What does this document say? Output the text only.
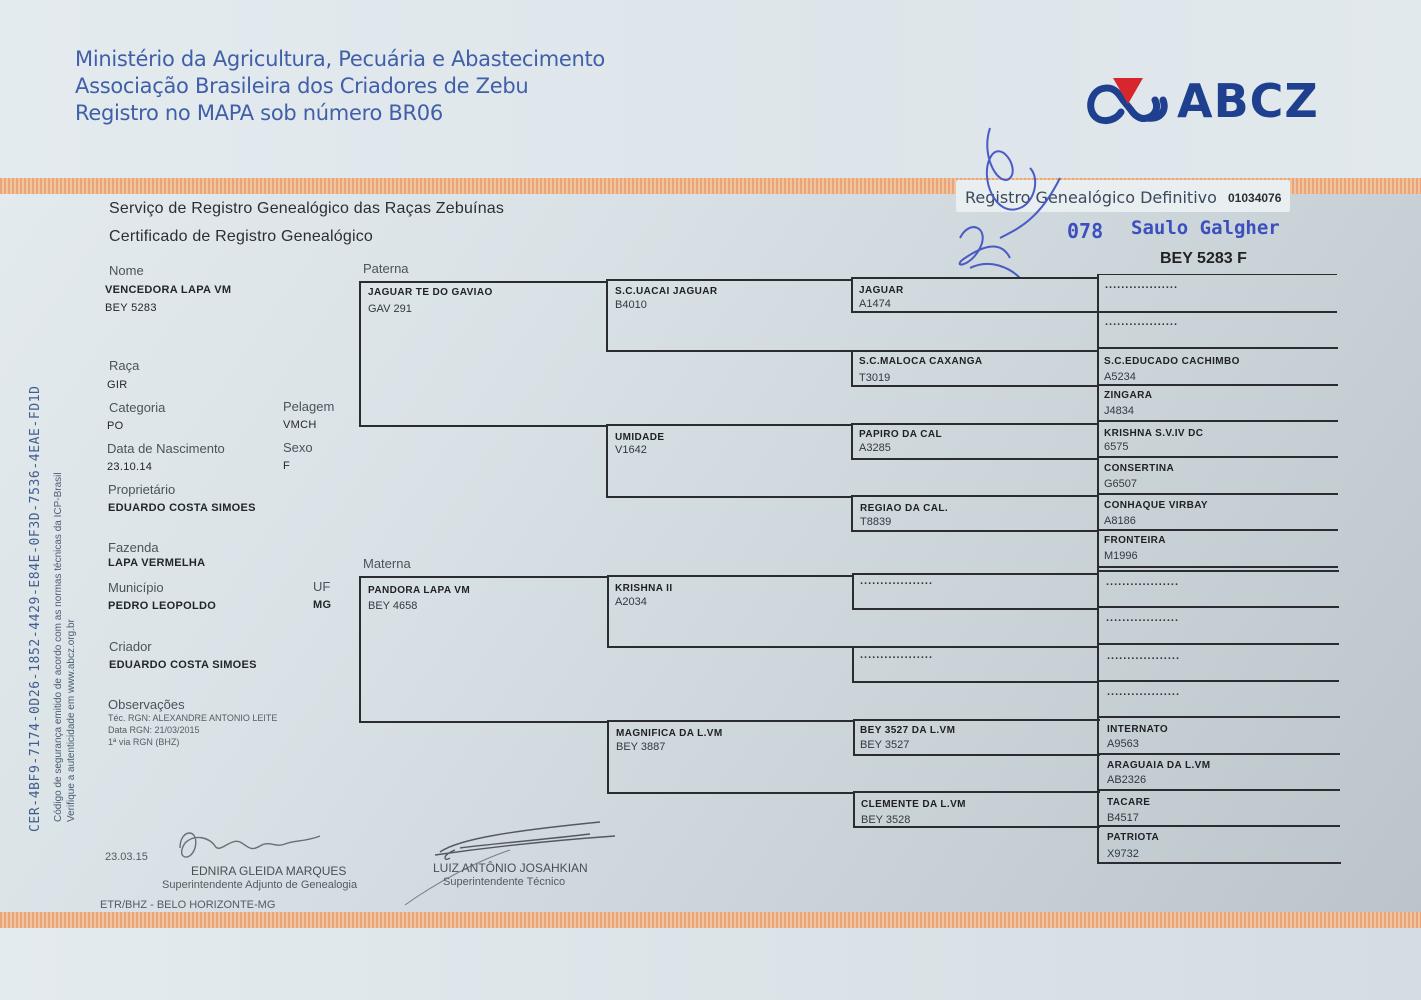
Ministério da Agricultura, Pecuária e Abastecimento
Associação Brasileira dos Criadores de Zebu
Registro no MAPA sob número BR06	ABCZ
Registro Genealógico Definitivo 01034076
078 Saulo Galgher
BEY 5283 F
Serviço de Registro Genealógico das Raças Zebuínas
Certificado de Registro Genealógico
CER-4BF9-7174-0D26-1852-4429-E84E-0F3D-7536-4EAE-FD1D Código de segurança emitido de acordo com as normas técnicas da ICP-Brasil Verifique a autenticidade em www.abcz.org.br
Nome
VENCEDORA LAPA VM
BEY 5283
Raça
GIR
Categoria
PO
Pelagem
VMCH
Data de Nascimento
23.10.14
Sexo
F
Proprietário
EDUARDO COSTA SIMOES
Fazenda
LAPA VERMELHA
Município
PEDRO LEOPOLDO
UF
MG
Criador
EDUARDO COSTA SIMOES
Observações
Téc. RGN: ALEXANDRE ANTONIO LEITE
Data RGN: 21/03/2015
1ª via RGN (BHZ)
Paterna
Materna
JAGUAR TE DO GAVIAO
GAV 291
PANDORA LAPA VM
BEY 4658
S.C.UACAI JAGUAR
B4010
UMIDADE
V1642
KRISHNA II
A2034
MAGNIFICA DA L.VM
BEY 3887
JAGUAR
A1474
S.C.MALOCA CAXANGA
T3019
PAPIRO DA CAL
A3285
REGIAO DA CAL.
T8839
..................
..................
BEY 3527 DA L.VM
BEY 3527
CLEMENTE DA L.VM
BEY 3528
..................
..................
S.C.EDUCADO CACHIMBO
A5234
ZINGARA
J4834
KRISHNA S.V.IV DC
6575
CONSERTINA
G6507
CONHAQUE VIRBAY
A8186
FRONTEIRA
M1996
..................
..................
..................
..................
INTERNATO
A9563
ARAGUAIA DA L.VM
AB2326
TACARE
B4517
PATRIOTA
X9732
23.03.15
EDNIRA GLEIDA MARQUES
Superintendente Adjunto de Genealogia
LUIZ ANTÔNIO JOSAHKIAN
Superintendente Técnico
ETR/BHZ - BELO HORIZONTE-MG
